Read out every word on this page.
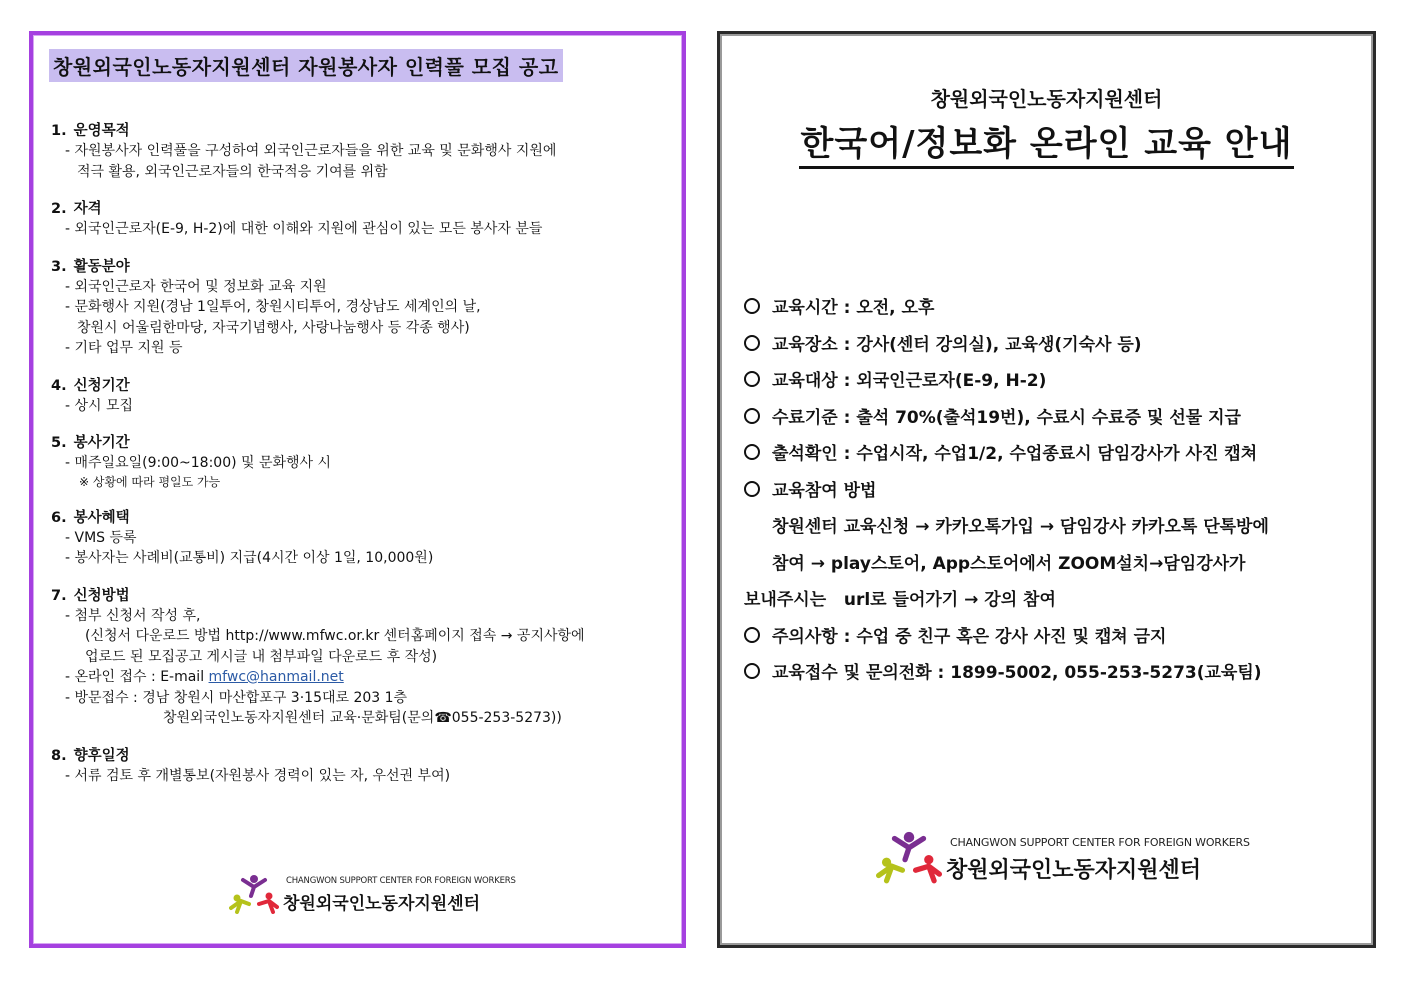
창원외국인노동자지원센터 자원봉사자 인력풀 모집 공고
1. 운영목적
- 자원봉사자 인력풀을 구성하여 외국인근로자들을 위한 교육 및 문화행사 지원에
적극 활용, 외국인근로자들의 한국적응 기여를 위함
2. 자격
- 외국인근로자(E-9, H-2)에 대한 이해와 지원에 관심이 있는 모든 봉사자 분들
3. 활동분야
- 외국인근로자 한국어 및 정보화 교육 지원
- 문화행사 지원(경남 1일투어, 창원시티투어, 경상남도 세계인의 날,
창원시 어울림한마당, 자국기념행사, 사랑나눔행사 등 각종 행사)
- 기타 업무 지원 등
4. 신청기간
- 상시 모집
5. 봉사기간
- 매주일요일(9:00~18:00) 및 문화행사 시
※ 상황에 따라 평일도 가능
6. 봉사혜택
- VMS 등록
- 봉사자는 사례비(교통비) 지급(4시간 이상 1일, 10,000원)
7. 신청방법
- 첨부 신청서 작성 후,
(신청서 다운로드 방법 http://www.mfwc.or.kr 센터홈페이지 접속 → 공지사항에
업로드 된 모집공고 게시글 내 첨부파일 다운로드 후 작성)
- 온라인 접수 : E-mail mfwc@hanmail.net
- 방문접수 : 경남 창원시 마산합포구 3·15대로 203 1층
창원외국인노동자지원센터 교육·문화팀(문의☎055-253-5273))
8. 향후일정
- 서류 검토 후 개별통보(자원봉사 경력이 있는 자, 우선권 부여)
CHANGWON SUPPORT CENTER FOR FOREIGN WORKERS
창원외국인노동자지원센터
창원외국인노동자지원센터
한국어/정보화 온라인 교육 안내
교육시간 : 오전, 오후
교육장소 : 강사(센터 강의실), 교육생(기숙사 등)
교육대상 : 외국인근로자(E-9, H-2)
수료기준 : 출석 70%(출석19번), 수료시 수료증 및 선물 지급
출석확인 : 수업시작, 수업1/2, 수업종료시 담임강사가 사진 캡쳐
교육참여 방법
창원센터 교육신청 → 카카오톡가입 → 담임강사 카카오톡 단톡방에
참여 → play스토어, App스토어에서 ZOOM설치→담임강사가
보내주시는   url로 들어가기 → 강의 참여
주의사항 : 수업 중 친구 혹은 강사 사진 및 캡쳐 금지
교육접수 및 문의전화 : 1899-5002, 055-253-5273(교육팀)
CHANGWON SUPPORT CENTER FOR FOREIGN WORKERS
창원외국인노동자지원센터
